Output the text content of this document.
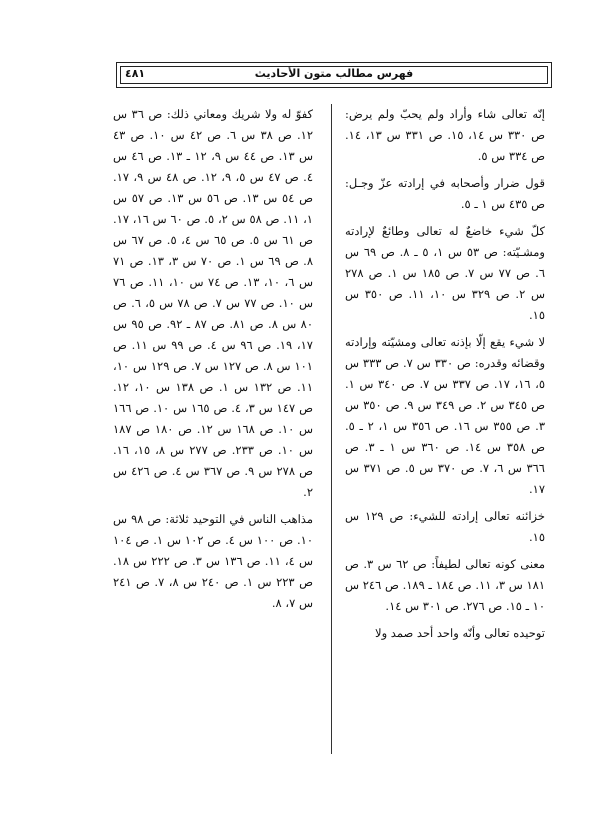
فهرس مطالب متون الأحاديث
٤٨١

إنّه تعالى شاء وأراد ولم يحبّ ولم يرض: ص ٣٣٠ س ١٤، ١٥. ص ٣٣١ س ١٣، ١٤. ص ٣٣٤ س ٥.

قول ضرار وأصحابه في إرادته عزّ وجـل: ص ٤٣٥ س ١ ـ ٥.

كلّ شيء خاضعٌ له تعالى وطائعٌ لإرادته ومشـيّته: ص ٥٣ س ١، ٥ ـ ٨. ص ٦٩ س ٦. ص ٧٧ س ٧. ص ١٨٥ س ١. ص ٢٧٨ س ٢. ص ٣٢٩ س ١٠، ١١. ص ٣٥٠ س ١٥.

لا شيء يقع إلّا بإذنه تعالى ومشيّته وإرادته وقضائه وقدره: ص ٣٣٠ س ٧. ص ٣٣٣ س ٥، ١٦، ١٧. ص ٣٣٧ س ٧. ص ٣٤٠ س ١. ص ٣٤٥ س ٢. ص ٣٤٩ س ٩. ص ٣٥٠ س ٣. ص ٣٥٥ س ١٦. ص ٣٥٦ س ١، ٢ ـ ٥. ص ٣٥٨ س ١٤. ص ٣٦٠ س ١ ـ ٣. ص ٣٦٦ س ٦، ٧. ص ٣٧٠ س ٥. ص ٣٧١ س ١٧.

خزائنه تعالى إرادته للشيء: ص ١٢٩ س ١٥.

معنى كونه تعالى لطيفاً: ص ٦٢ س ٣. ص ١٨١ س ٣، ١١. ص ١٨٤ ـ ١٨٩. ص ٢٤٦ س ١٠ ـ ١٥. ص ٢٧٦. ص ٣٠١ س ١٤.

توحيده تعالى وأنّه واحد أحد صمد ولا

كفوّ له ولا شريك ومعاني ذلك: ص ٣٦ س ١٢. ص ٣٨ س ٦. ص ٤٢ س ١٠. ص ٤٣ س ١٣. ص ٤٤ س ٩، ١٢ ـ ١٣. ص ٤٦ س ٤. ص ٤٧ س ٥، ٩، ١٢. ص ٤٨ س ٩، ١٧. ص ٥٤ س ١٣. ص ٥٦ س ١٣. ص ٥٧ س ١، ١١. ص ٥٨ س ٢، ٥. ص ٦٠ س ١٦، ١٧. ص ٦١ س ٥. ص ٦٥ س ٤، ٥. ص ٦٧ س ٨. ص ٦٩ س ١. ص ٧٠ س ٣، ١٣. ص ٧١ س ٦، ١٠، ١٣. ص ٧٤ س ١٠، ١١. ص ٧٦ س ١٠. ص ٧٧ س ٧. ص ٧٨ س ٥، ٦. ص ٨٠ س ٨. ص ٨١. ص ٨٧ ـ ٩٢. ص ٩٥ س ١٧، ١٩. ص ٩٦ س ٤. ص ٩٩ س ١١. ص ١٠١ س ٨. ص ١٢٧ س ٧. ص ١٢٩ س ١٠، ١١. ص ١٣٢ س ١. ص ١٣٨ س ١٠، ١٢. ص ١٤٧ س ٣، ٤. ص ١٦٥ س ١٠. ص ١٦٦ س ١٠. ص ١٦٨ س ١٢. ص ١٨٠ ص ١٨٧ س ١٠. ص ٢٣٣. ص ٢٧٧ س ٨، ١٥، ١٦. ص ٢٧٨ س ٩. ص ٣٦٧ س ٤. ص ٤٢٦ س ٢.

مذاهب الناس في التوحيد ثلاثة: ص ٩٨ س ١٠. ص ١٠٠ س ٤. ص ١٠٢ س ١. ص ١٠٤ س ٤، ١١. ص ١٣٦ س ٣. ص ٢٢٢ س ١٨. ص ٢٢٣ س ١. ص ٢٤٠ س ٨، ٧. ص ٢٤١ س ٧، ٨.
